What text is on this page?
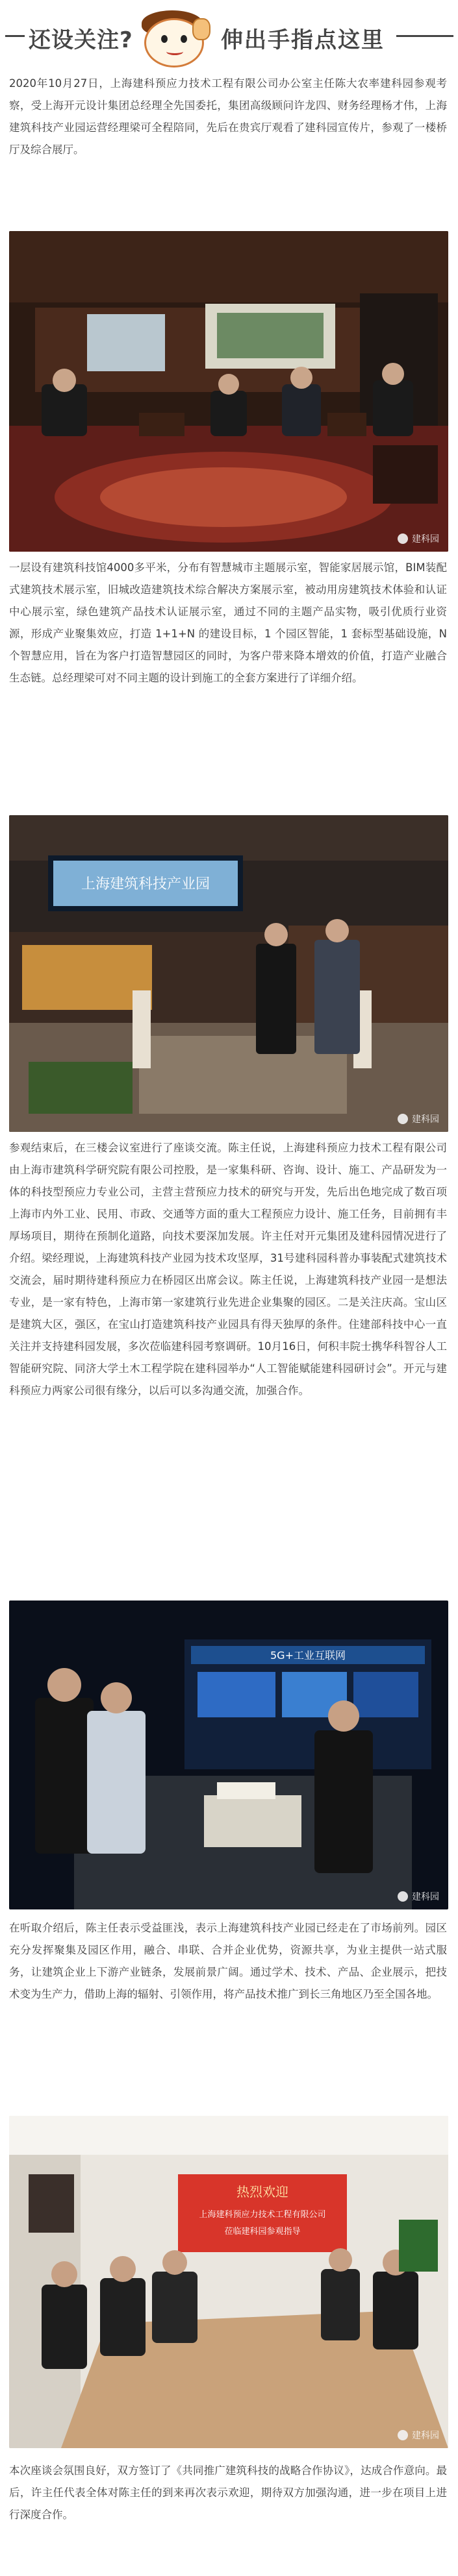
还设关注?	伸出手指点这里
2020年10月27日，上海建科预应力技术工程有限公司办公室主任陈大农率建科园参观考察，受上海开元设计集团总经理全先国委托，集团高级顾问许龙四、财务经理杨才伟，上海建筑科技产业园运营经理梁可全程陪同，先后在贵宾厅观看了建科园宣传片，参观了一楼桥厅及综合展厅。
建科园
一层设有建筑科技馆4000多平米，分布有智慧城市主题展示室，智能家居展示馆，BIM装配式建筑技术展示室，旧城改造建筑技术综合解决方案展示室，被动用房建筑技术体验和认证中心展示室，绿色建筑产品技术认证展示室，通过不同的主题产品实物，吸引优质行业资源，形成产业聚集效应，打造 1+1+N 的建设目标，1 个园区智能，1 套标型基础设施，N 个智慧应用，旨在为客户打造智慧园区的同时，为客户带来降本增效的价值，打造产业融合生态链。总经理梁可对不同主题的设计到施工的全套方案进行了详细介绍。
上海建筑科技产业园
建科园
参观结束后，在三楼会议室进行了座谈交流。陈主任说，上海建科预应力技术工程有限公司由上海市建筑科学研究院有限公司控股，是一家集科研、咨询、设计、施工、产品研发为一体的科技型预应力专业公司，主营主营预应力技术的研究与开发，先后出色地完成了数百项上海市内外工业、民用、市政、交通等方面的重大工程预应力设计、施工任务，目前拥有丰厚场项目，期待在预制化道路，向技术要深加发展。许主任对开元集团及建科园情况进行了介绍。梁经理说，上海建筑科技产业园为技术攻坚厚，31号建科园科普办事装配式建筑技术交流会，届时期待建科预应力在桥园区出席会议。陈主任说，上海建筑科技产业园一是想法专业，是一家有特色，上海市第一家建筑行业先进企业集聚的园区。二是关注庆高。宝山区是建筑大区，强区，在宝山打造建筑科技产业园具有得天独厚的条件。住建部科技中心一直关注并支持建科园发展，多次莅临建科园考察调研。10月16日，何积丰院士携华科智谷人工智能研究院、同济大学土木工程学院在建科园举办“人工智能赋能建科园研讨会”。开元与建科预应力两家公司很有缘分，以后可以多沟通交流，加强合作。
5G+工业互联网
建科园
在听取介绍后，陈主任表示受益匪浅，表示上海建筑科技产业园已经走在了市场前列。园区充分发挥聚集及园区作用，融合、串联、合并企业优势，资源共享，为业主提供一站式服务，让建筑企业上下游产业链条，发展前景广阔。通过学术、技术、产品、企业展示，把技术变为生产力，借助上海的辐射、引领作用，将产品技术推广到长三角地区乃至全国各地。
热烈欢迎
上海建科预应力技术工程有限公司
莅临建科园参观指导
建科园
本次座谈会氛围良好，双方签订了《共同推广建筑科技的战略合作协议》，达成合作意向。最后，许主任代表全体对陈主任的到来再次表示欢迎，期待双方加强沟通，进一步在项目上进行深度合作。
